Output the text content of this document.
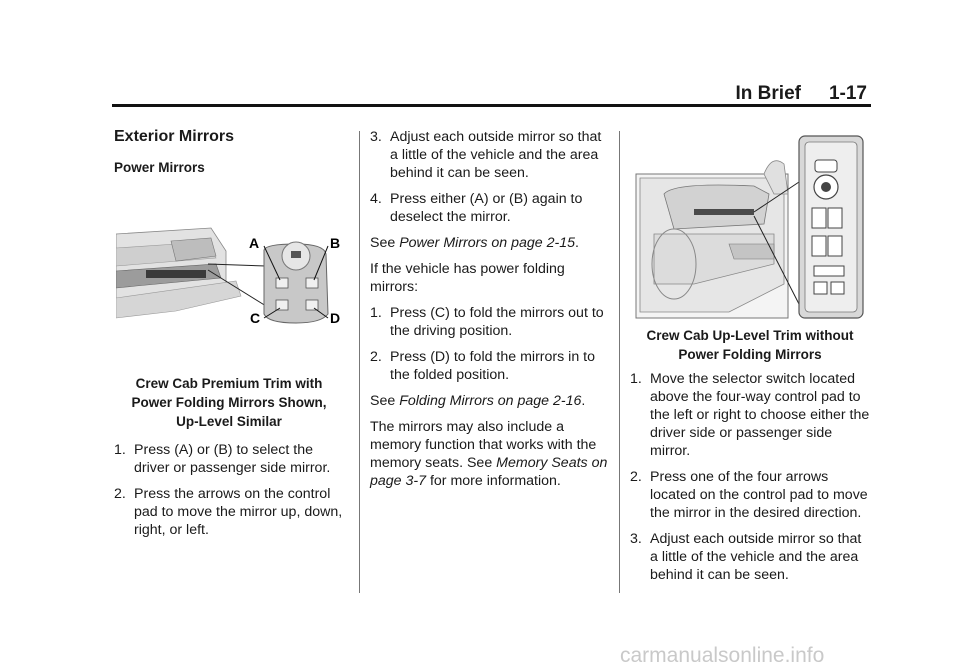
In Brief 1-17
Exterior Mirrors
Power Mirrors
A	B
C	D
Crew Cab Premium Trim with
Power Folding Mirrors Shown,
Up-Level Similar
1. Press (A) or (B) to select the driver or passenger side mirror.
2. Press the arrows on the control pad to move the mirror up, down, right, or left.
3. Adjust each outside mirror so that a little of the vehicle and the area behind it can be seen.
4. Press either (A) or (B) again to deselect the mirror.

See Power Mirrors on page 2-15.

If the vehicle has power folding mirrors:

1. Press (C) to fold the mirrors out to the driving position.
2. Press (D) to fold the mirrors in to the folded position.

See Folding Mirrors on page 2-16.

The mirrors may also include a memory function that works with the memory seats. See Memory Seats on page 3-7 for more information.

Crew Cab Up-Level Trim without
Power Folding Mirrors
1. Move the selector switch located above the four-way control pad to the left or right to choose either the driver side or passenger side mirror.
2. Press one of the four arrows located on the control pad to move the mirror in the desired direction.
3. Adjust each outside mirror so that a little of the vehicle and the area behind it can be seen.
carmanualsonline.info
